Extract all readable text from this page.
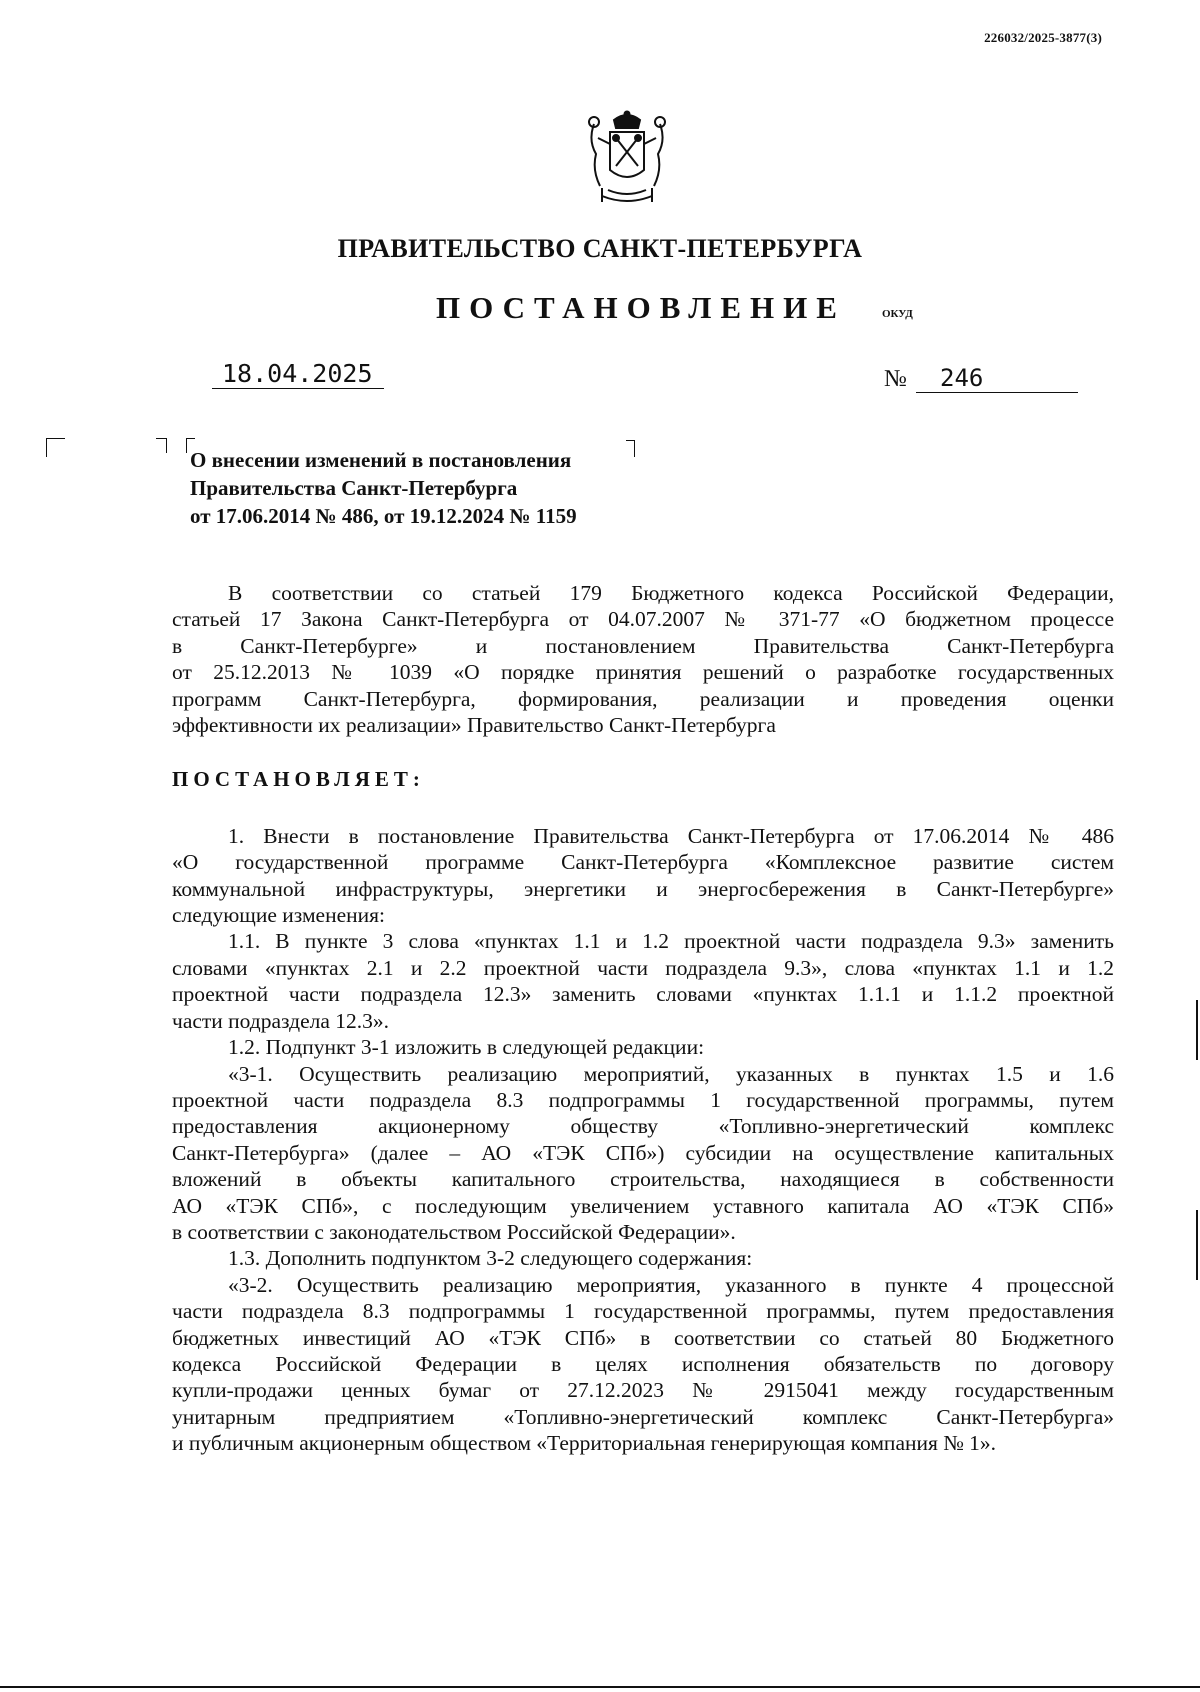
226032/2025-3877(3)
ПРАВИТЕЛЬСТВО САНКТ-ПЕТЕРБУРГА
ПОСТАНОВЛЕНИЕ	ОКУД
18.04.2025	№	246
О внесении изменений в постановления
Правительства Санкт-Петербурга
от 17.06.2014 № 486, от 19.12.2024 № 1159

В соответствии со статьей 179 Бюджетного кодекса Российской Федерации,

статьей 17 Закона Санкт-Петербурга от 04.07.2007 № 371-77 «О бюджетном процессе

в Санкт-Петербурге» и постановлением Правительства Санкт-Петербурга

от 25.12.2013 № 1039 «О порядке принятия решений о разработке государственных

программ Санкт-Петербурга, формирования, реализации и проведения оценки

эффективности их реализации» Правительство Санкт-Петербурга

ПОСТАНОВЛЯЕТ:

1. Внести в постановление Правительства Санкт-Петербурга от 17.06.2014 № 486

«О государственной программе Санкт-Петербурга «Комплексное развитие систем

коммунальной инфраструктуры, энергетики и энергосбережения в Санкт-Петербурге»

следующие изменения:

1.1. В пункте 3 слова «пунктах 1.1 и 1.2 проектной части подраздела 9.3» заменить

словами «пунктах 2.1 и 2.2 проектной части подраздела 9.3», слова «пунктах 1.1 и 1.2

проектной части подраздела 12.3» заменить словами «пунктах 1.1.1 и 1.1.2 проектной

части подраздела 12.3».

1.2. Подпункт 3-1 изложить в следующей редакции:

«3-1. Осуществить реализацию мероприятий, указанных в пунктах 1.5 и 1.6

проектной части подраздела 8.3 подпрограммы 1 государственной программы, путем

предоставления акционерному обществу «Топливно-энергетический комплекс

Санкт-Петербурга» (далее – АО «ТЭК СПб») субсидии на осуществление капитальных

вложений в объекты капитального строительства, находящиеся в собственности

АО «ТЭК СПб», с последующим увеличением уставного капитала АО «ТЭК СПб»

в соответствии с законодательством Российской Федерации».

1.3. Дополнить подпунктом 3-2 следующего содержания:

«3-2. Осуществить реализацию мероприятия, указанного в пункте 4 процессной

части подраздела 8.3 подпрограммы 1 государственной программы, путем предоставления

бюджетных инвестиций АО «ТЭК СПб» в соответствии со статьей 80 Бюджетного

кодекса Российской Федерации в целях исполнения обязательств по договору

купли-продажи ценных бумаг от 27.12.2023 № 2915041 между государственным

унитарным предприятием «Топливно-энергетический комплекс Санкт-Петербурга»

и публичным акционерным обществом «Территориальная генерирующая компания № 1».
